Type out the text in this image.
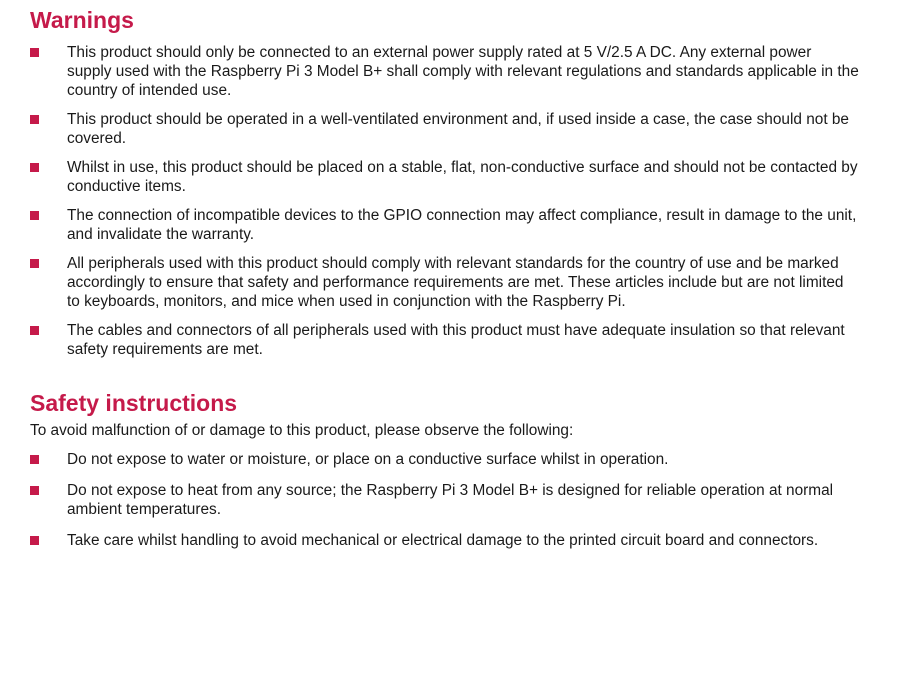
Warnings
This product should only be connected to an external power supply rated at 5 V/2.5 A DC. Any external power supply used with the Raspberry Pi 3 Model B+ shall comply with relevant regulations and standards applicable in the country of intended use.
This product should be operated in a well-ventilated environment and, if used inside a case, the case should not be covered.
Whilst in use, this product should be placed on a stable, flat, non-conductive surface and should not be contacted by conductive items.
The connection of incompatible devices to the GPIO connection may affect compliance, result in damage to the unit, and invalidate the warranty.
All peripherals used with this product should comply with relevant standards for the country of use and be marked accordingly to ensure that safety and performance requirements are met. These articles include but are not limited to keyboards, monitors, and mice when used in conjunction with the Raspberry Pi.
The cables and connectors of all peripherals used with this product must have adequate insulation so that relevant safety requirements are met.
Safety instructions

To avoid malfunction of or damage to this product, please observe the following:

Do not expose to water or moisture, or place on a conductive surface whilst in operation.
Do not expose to heat from any source; the Raspberry Pi 3 Model B+ is designed for reliable operation at normal ambient temperatures.
Take care whilst handling to avoid mechanical or electrical damage to the printed circuit board and connectors.
